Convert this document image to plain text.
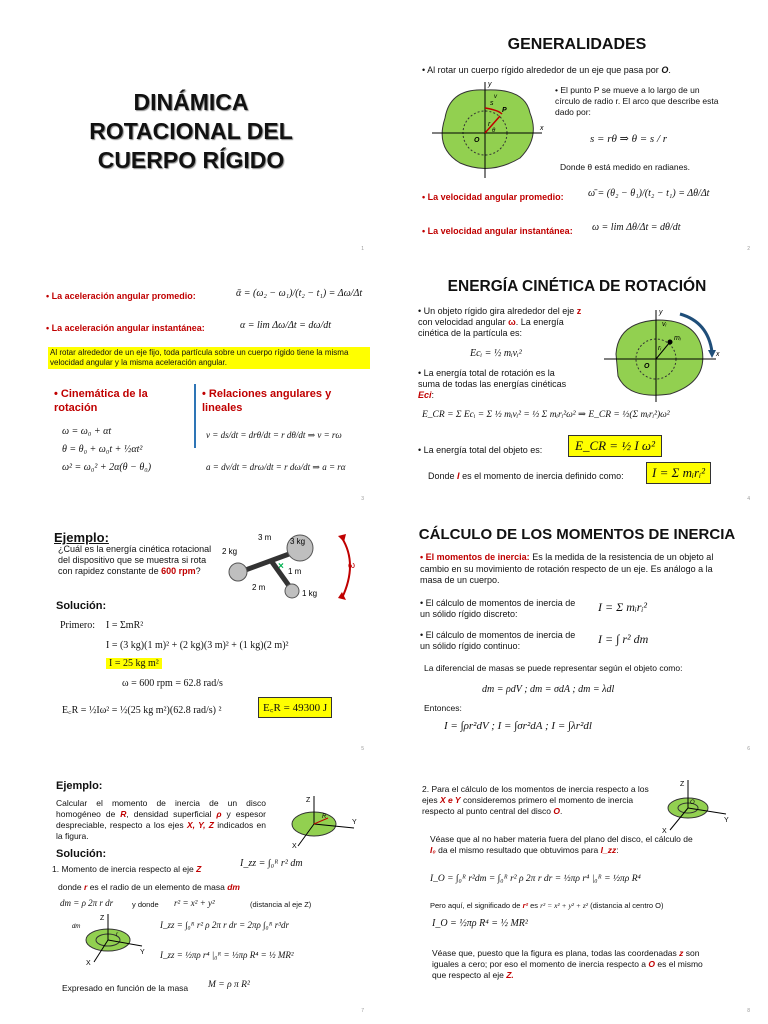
DINÁMICA
ROTACIONAL DEL
CUERPO RÍGIDO
1
GENERALIDADES
• Al rotar un cuerpo rígido alrededor de un eje que pasa por O.
y
x
O
P
r
θ
s
v
• El punto P se mueve a lo largo de un círculo de radio r. El arco que describe esta dado por:
s = rθ ⇒ θ = s / r
Donde θ está medido en radianes.
• La velocidad angular promedio: ω̄ = (θ₂ − θ₁)/(t₂ − t₁) = Δθ/Δt
• La velocidad angular instantánea: ω = lim Δθ/Δt = dθ/dt
2
• La aceleración angular promedio:	ᾱ = (ω₂ − ω₁)/(t₂ − t₁) = Δω/Δt
• La aceleración angular instantánea:	α = lim Δω/Δt = dω/dt
Al rotar alrededor de un eje fijo, toda partícula sobre un cuerpo rígido tiene la misma velocidad angular y la misma aceleración angular.
• Cinemática de la rotación
• Relaciones angulares y lineales
ω = ω₀ + αt
θ = θ₀ + ω₀t + ½αt²
ω² = ω₀² + 2α(θ − θ₀)
v = ds/dt = drθ/dt = r dθ/dt ⇒ v = rω
a = dv/dt = drω/dt = r dω/dt ⇒ a = rα
3
ENERGÍA CINÉTICA DE ROTACIÓN
• Un objeto rígido gira alrededor del eje z con velocidad angular ω. La energía cinética de la partícula es:
Ecᵢ = ½ mᵢvᵢ²
y
x
O
mᵢ
rᵢ
vᵢ
• La energía total de rotación es la suma de todas las energías cinéticas Eci:
E_CR = Σ Ecᵢ = Σ ½ mᵢvᵢ² = ½ Σ mᵢrᵢ²ω² ⇒ E_CR = ½(Σ mᵢrᵢ²)ω²
• La energía total del objeto es:	E_CR = ½ I ω²
Donde I es el momento de inercia definido como:	I = Σ mᵢrᵢ²
4
Ejemplo:
¿Cuál es la energía cinética rotacional del dispositivo que se muestra si rota con rapidez constante de 600 rpm?	×
3 m 3 kg
2 kg
1 m
2 m
1 kg
ω
Solución:
Primero: I = ΣmR²
I = (3 kg)(1 m)² + (2 kg)(3 m)² + (1 kg)(2 m)²
I = 25 kg m²
ω = 600 rpm = 62.8 rad/s
E꜀R = ½Iω² = ½(25 kg m²)(62.8 rad/s) ²	E꜀R = 49300 J
5
CÁLCULO DE LOS MOMENTOS DE INERCIA
• El momentos de inercia: Es la medida de la resistencia de un objeto al cambio en su movimiento de rotación respecto de un eje. Es análogo a la masa de un cuerpo.
• El cálculo de momentos de inercia de un sólido rígido discreto:	I = Σ mᵢrᵢ²
• El cálculo de momentos de inercia de un sólido rígido continuo:	I = ∫ r² dm
La diferencial de masas se puede representar según el objeto como:
dm = ρdV ; dm = σdA ; dm = λdl
Entonces:
I = ∫ρr²dV ; I = ∫σr²dA ; I = ∫λr²dl
6
Ejemplo:
Calcular el momento de inercia de un disco homogéneo de R, densidad superficial ρ y espesor despreciable, respecto a los ejes X, Y, Z indicados en la figura.
Z
Y
X
R
Solución:
1. Momento de inercia respecto al eje Z	I_zz = ∫₀ᴿ r² dm
donde r es el radio de un elemento de masa dm
dm = ρ 2π r dr	y donde r² = x² + y²	(distancia al eje Z)
Z
Y
X
dm
r
I_zz = ∫₀ᴿ r² ρ 2π r dr = 2πρ ∫₀ᴿ r³dr
I_zz = ½πρ r⁴ |₀ᴿ = ½πρ R⁴ = ½ MR²
Expresado en función de la masa M = ρ π R²
7
2. Para el cálculo de los momentos de inercia respecto a los ejes X e Y consideremos primero el momento de inercia respecto al punto central del disco O.
Z
Y
X
O
Véase que al no haber materia fuera del plano del disco, el cálculo de I₀ da el mismo resultado que obtuvimos para I_zz:
I_O = ∫₀ᴿ r²dm = ∫₀ᴿ r² ρ 2π r dr = ½πρ r⁴ |₀ᴿ = ½πρ R⁴
Pero aquí, el significado de r² es r² = x² + y² + z² (distancia al centro O)
I_O = ½πρ R⁴ = ½ MR²
Véase que, puesto que la figura es plana, todas las coordenadas z son iguales a cero; por eso el momento de inercia respecto a O es el mismo que respecto al eje Z.
8
